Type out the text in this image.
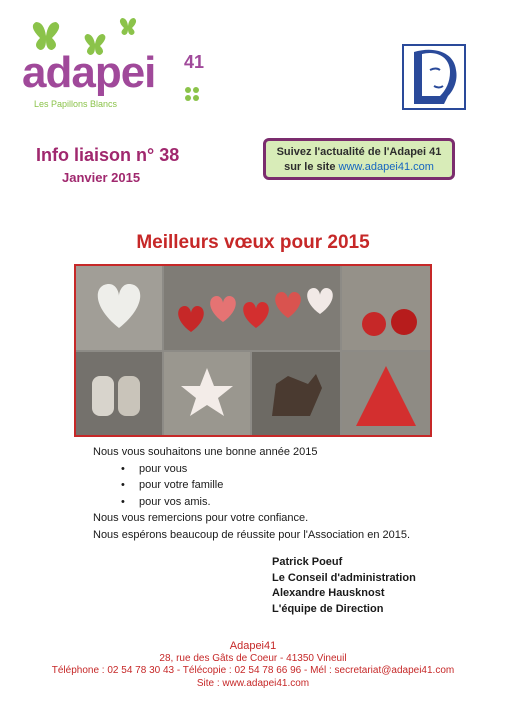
adapei 41
Les Papillons Blancs
Info liaison n° 38
Janvier 2015
Suivez l'actualité de l'Adapei 41
sur le site www.adapei41.com
Meilleurs vœux pour 2015
Nous vous souhaitons une bonne année 2015
• pour vous
• pour votre famille
• pour vos amis.
Nous vous remercions pour votre confiance.
Nous espérons beaucoup de réussite pour l'Association en 2015.
Patrick Poeuf
Le Conseil d'administration
Alexandre Hausknost
L'équipe de Direction
Adapei41
28, rue des Gâts de Coeur - 41350 Vineuil
Téléphone : 02 54 78 30 43 - Télécopie : 02 54 78 66 96 - Mél : secretariat@adapei41.com
Site : www.adapei41.com
